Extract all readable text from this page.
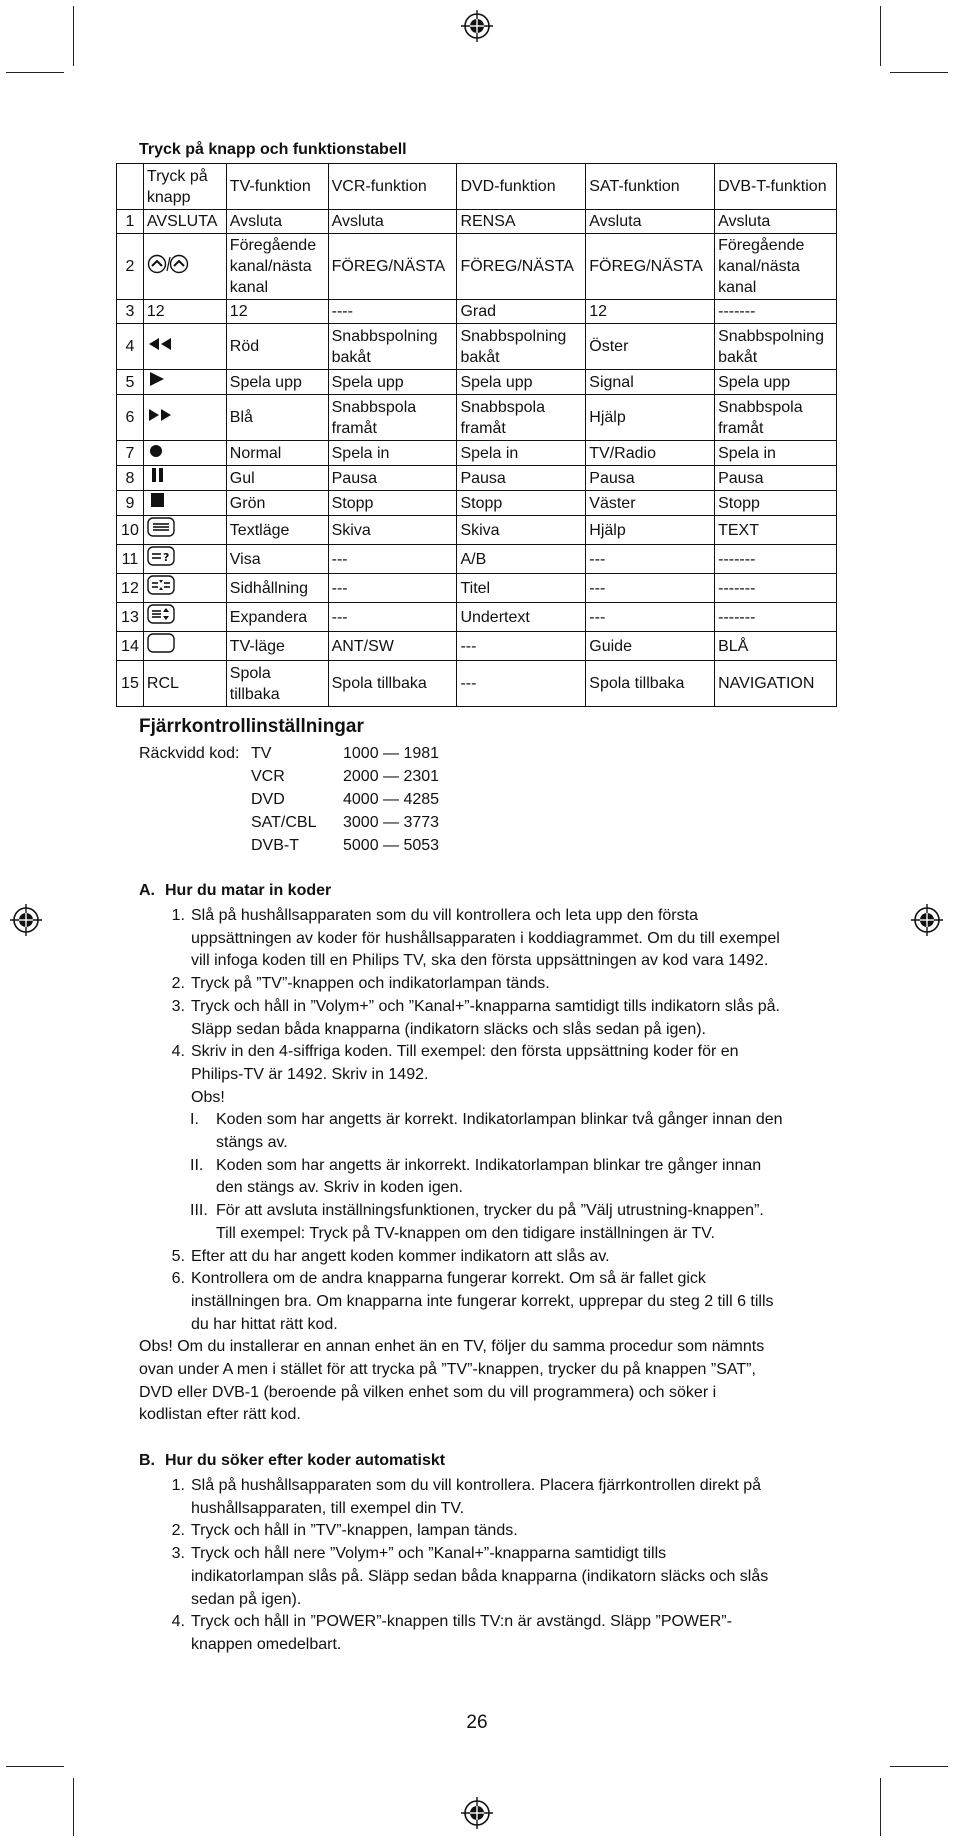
Tryck på knapp och funktionstabell
	Tryck på knapp	TV-funktion	VCR-funktion	DVD-funktion	SAT-funktion	DVB-T-funktion
1	AVSLUTA	Avsluta	Avsluta	RENSA	Avsluta	Avsluta
2		Föregående kanal/nästa kanal	FÖREG/NÄSTA	FÖREG/NÄSTA	FÖREG/NÄSTA	Föregående kanal/nästa kanal
3	12	12	----	Grad	12	-------
4		Röd	Snabbspolning bakåt	Snabbspolning bakåt	Öster	Snabbspolning bakåt
5		Spela upp	Spela upp	Spela upp	Signal	Spela upp
6		Blå	Snabbspola framåt	Snabbspola framåt	Hjälp	Snabbspola framåt
7		Normal	Spela in	Spela in	TV/Radio	Spela in
8		Gul	Pausa	Pausa	Pausa	Pausa
9		Grön	Stopp	Stopp	Väster	Stopp
10		Textläge	Skiva	Skiva	Hjälp	TEXT
11	?	Visa	---	A/B	---	-------
12		Sidhållning	---	Titel	---	-------
13		Expandera	---	Undertext	---	-------
14		TV-läge	ANT/SW	---	Guide	BLÅ
15	RCL	Spola tillbaka	Spola tillbaka	---	Spola tillbaka	NAVIGATION
Fjärrkontrollinställningar
Räckvidd kod: TV	1000 — 1981
VCR	2000 — 2301
DVD	4000 — 4285
SAT/CBL 3000 — 3773
DVB-T	5000 — 5053
A. Hur du matar in koder
1. Slå på hushållsapparaten som du vill kontrollera och leta upp den första
uppsättningen av koder för hushållsapparaten i koddiagrammet. Om du till exempel
vill infoga koden till en Philips TV, ska den första uppsättningen av kod vara 1492.
2. Tryck på ”TV”-knappen och indikatorlampan tänds.
3. Tryck och håll in ”Volym+” och ”Kanal+”-knapparna samtidigt tills indikatorn slås på.
Släpp sedan båda knapparna (indikatorn släcks och slås sedan på igen).
4. Skriv in den 4-siffriga koden. Till exempel: den första uppsättning koder för en
Philips-TV är 1492. Skriv in 1492.
Obs!
I.	Koden som har angetts är korrekt. Indikatorlampan blinkar två gånger innan den
stängs av.
II. Koden som har angetts är inkorrekt. Indikatorlampan blinkar tre gånger innan
den stängs av. Skriv in koden igen.
III. För att avsluta inställningsfunktionen, trycker du på ”Välj utrustning-knappen”.
Till exempel: Tryck på TV-knappen om den tidigare inställningen är TV.
5. Efter att du har angett koden kommer indikatorn att slås av.
6. Kontrollera om de andra knapparna fungerar korrekt. Om så är fallet gick
inställningen bra. Om knapparna inte fungerar korrekt, upprepar du steg 2 till 6 tills
du har hittat rätt kod.
Obs! Om du installerar en annan enhet än en TV, följer du samma procedur som nämnts
ovan under A men i stället för att trycka på ”TV”-knappen, trycker du på knappen ”SAT”,
DVD eller DVB-1 (beroende på vilken enhet som du vill programmera) och söker i
kodlistan efter rätt kod.
B. Hur du söker efter koder automatiskt
1. Slå på hushållsapparaten som du vill kontrollera. Placera fjärrkontrollen direkt på
hushållsapparaten, till exempel din TV.
2. Tryck och håll in ”TV”-knappen, lampan tänds.
3. Tryck och håll nere ”Volym+” och ”Kanal+”-knapparna samtidigt tills
indikatorlampan slås på. Släpp sedan båda knapparna (indikatorn släcks och slås
sedan på igen).
4. Tryck och håll in ”POWER”-knappen tills TV:n är avstängd. Släpp ”POWER”-
knappen omedelbart.
26
